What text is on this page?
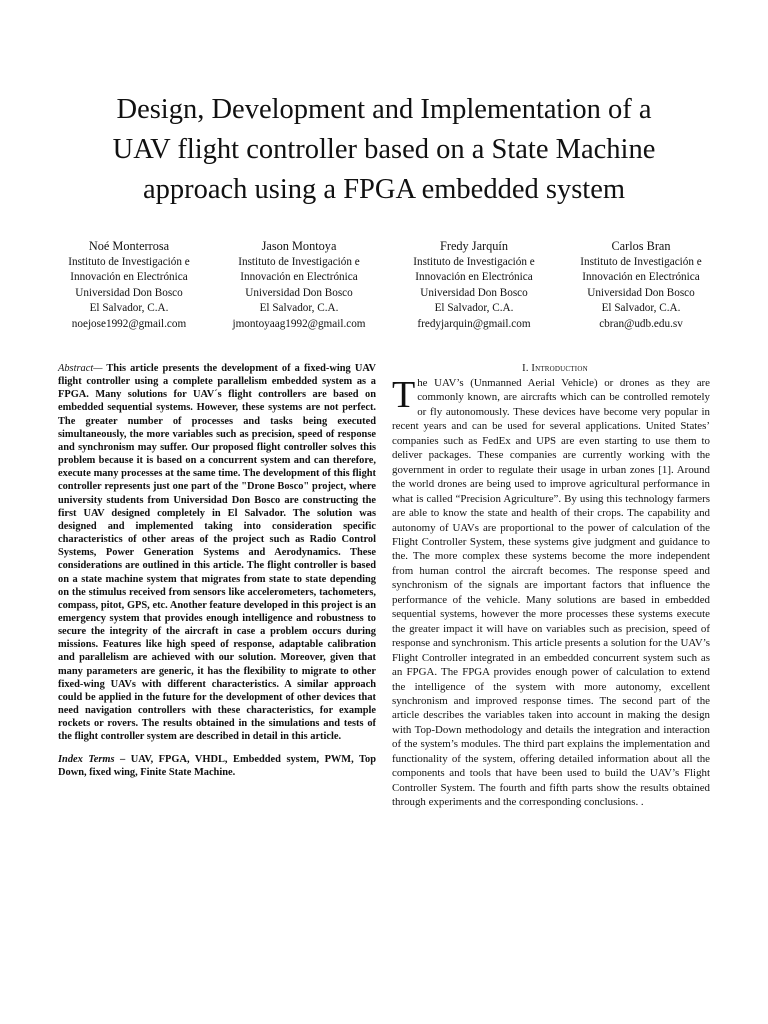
Design, Development and Implementation of a
UAV flight controller based on a State Machine
approach using a FPGA embedded system
Noé Monterrosa
Instituto de Investigación e
Innovación en Electrónica
Universidad Don Bosco
El Salvador, C.A.
noejose1992@gmail.com
Jason Montoya
Instituto de Investigación e
Innovación en Electrónica
Universidad Don Bosco
El Salvador, C.A.
jmontoyaag1992@gmail.com
Fredy Jarquín
Instituto de Investigación e
Innovación en Electrónica
Universidad Don Bosco
El Salvador, C.A.
fredyjarquin@gmail.com
Carlos Bran
Instituto de Investigación e
Innovación en Electrónica
Universidad Don Bosco
El Salvador, C.A.
cbran@udb.edu.sv

Abstract— This article presents the development of a fixed-wing UAV flight controller using a complete parallelism embedded system as a FPGA. Many solutions for UAV´s flight controllers are based on embedded sequential systems. However, these systems are not perfect. The greater number of processes and tasks being executed simultaneously, the more variables such as precision, speed of response and synchronism may suffer. Our proposed flight controller solves this problem because it is based on a concurrent system and can therefore, execute many processes at the same time. The development of this flight controller represents just one part of the "Drone Bosco" project, where university students from Universidad Don Bosco are constructing the first UAV designed completely in El Salvador. The solution was designed and implemented taking into consideration specific characteristics of other areas of the project such as Radio Control Systems, Power Generation Systems and Aerodynamics. These considerations are outlined in this article. The flight controller is based on a state machine system that migrates from state to state depending on the stimulus received from sensors like accelerometers, tachometers, compass, pitot, GPS, etc. Another feature developed in this project is an emergency system that provides enough intelligence and robustness to secure the integrity of the aircraft in case a problem occurs during missions. Features like high speed of response, adaptable calibration and parallelism are achieved with our solution. Moreover, given that many parameters are generic, it has the flexibility to migrate to other fixed-wing UAVs with different characteristics. A similar approach could be applied in the future for the development of other devices that need navigation controllers with these characteristics, for example rockets or rovers. The results obtained in the simulations and tests of the flight controller system are described in detail in this article.

Index Terms – UAV, FPGA, VHDL, Embedded system, PWM, Top Down, fixed wing, Finite State Machine.

I. Introduction

The UAV’s (Unmanned Aerial Vehicle) or drones as they are commonly known, are aircrafts which can be controlled remotely or fly autonomously. These devices have become very popular in recent years and can be used for several applications. United States’ companies such as FedEx and UPS are even starting to use them to deliver packages. These companies are currently working with the government in order to regulate their usage in urban zones [1]. Around the world drones are being used to improve agricultural performance in what is called “Precision Agriculture”. By using this technology farmers are able to know the state and health of their crops. The capability and autonomy of UAVs are proportional to the power of calculation of the Flight Controller System, these systems give judgment and guidance to the. The more complex these systems become the more independent from human control the aircraft becomes. The response speed and synchronism of the signals are important factors that influence the performance of the vehicle. Many solutions are based in embedded sequential systems, however the more processes these systems execute the greater impact it will have on variables such as precision, speed of response and synchronism. This article presents a solution for the UAV’s Flight Controller integrated in an embedded concurrent system such as an FPGA. The FPGA provides enough power of calculation to extend the intelligence of the system with more autonomy, excellent synchronism and improved response times. The second part of the article describes the variables taken into account in making the design with Top-Down methodology and details the integration and interaction of the system’s modules. The third part explains the implementation and functionality of the system, offering detailed information about all the components and tools that have been used to build the UAV’s Flight Controller System. The fourth and fifth parts show the results obtained through experiments and the corresponding conclusions. .
